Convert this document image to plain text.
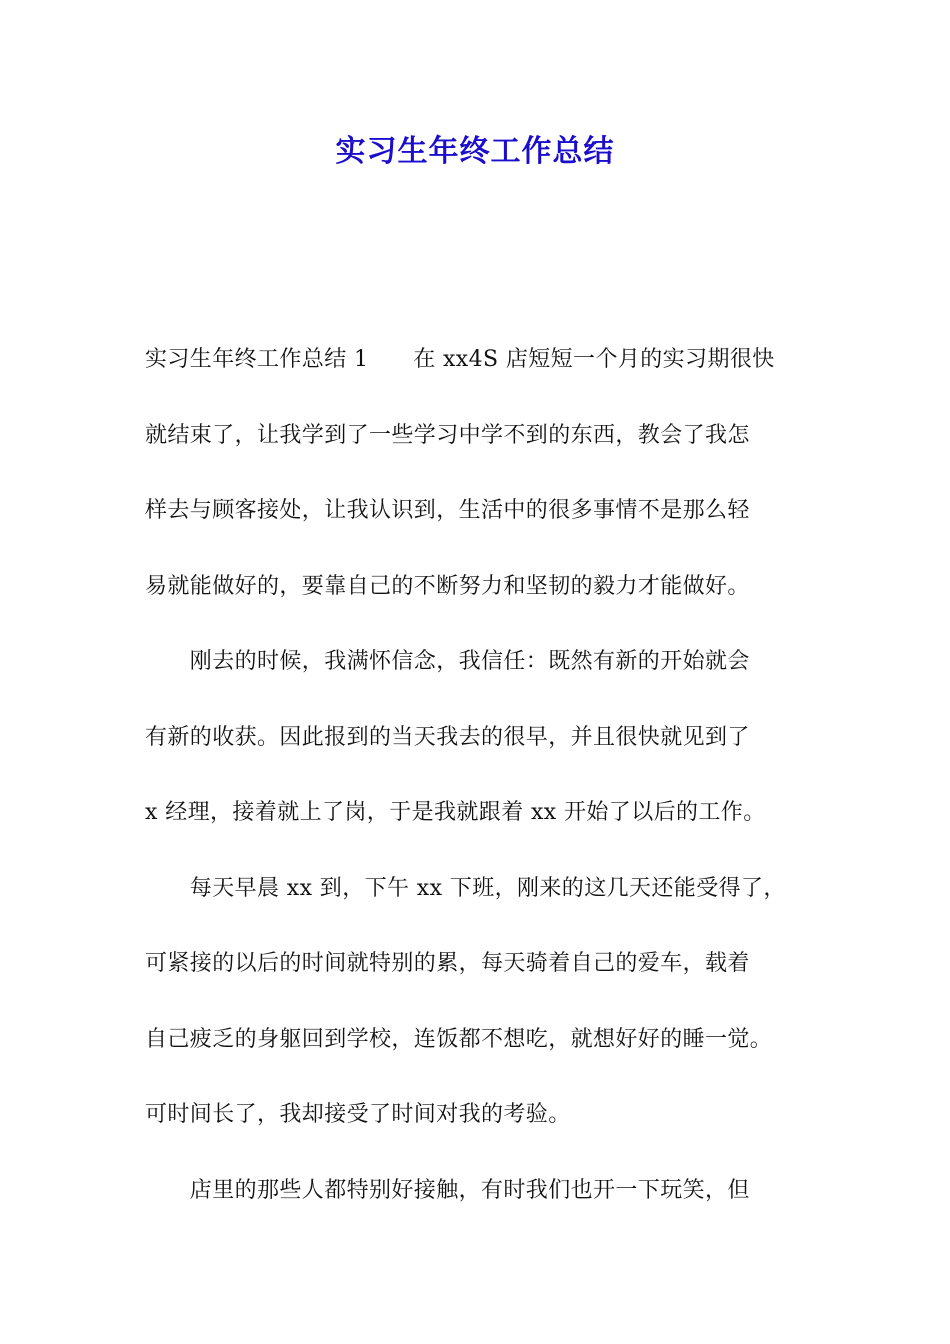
实习生年终工作总结
实习生年终工作总结 1　　在 xx4S 店短短一个月的实习期很快
就结束了，让我学到了一些学习中学不到的东西，教会了我怎
样去与顾客接处，让我认识到，生活中的很多事情不是那么轻
易就能做好的，要靠自己的不断努力和坚韧的毅力才能做好。
　　刚去的时候，我满怀信念，我信任：既然有新的开始就会
有新的收获。因此报到的当天我去的很早，并且很快就见到了
x 经理，接着就上了岗，于是我就跟着 xx 开始了以后的工作。
　　每天早晨 xx 到，下午 xx 下班，刚来的这几天还能受得了，
可紧接的以后的时间就特别的累，每天骑着自己的爱车，载着
自己疲乏的身躯回到学校，连饭都不想吃，就想好好的睡一觉。
可时间长了，我却接受了时间对我的考验。
　　店里的那些人都特别好接触，有时我们也开一下玩笑，但
